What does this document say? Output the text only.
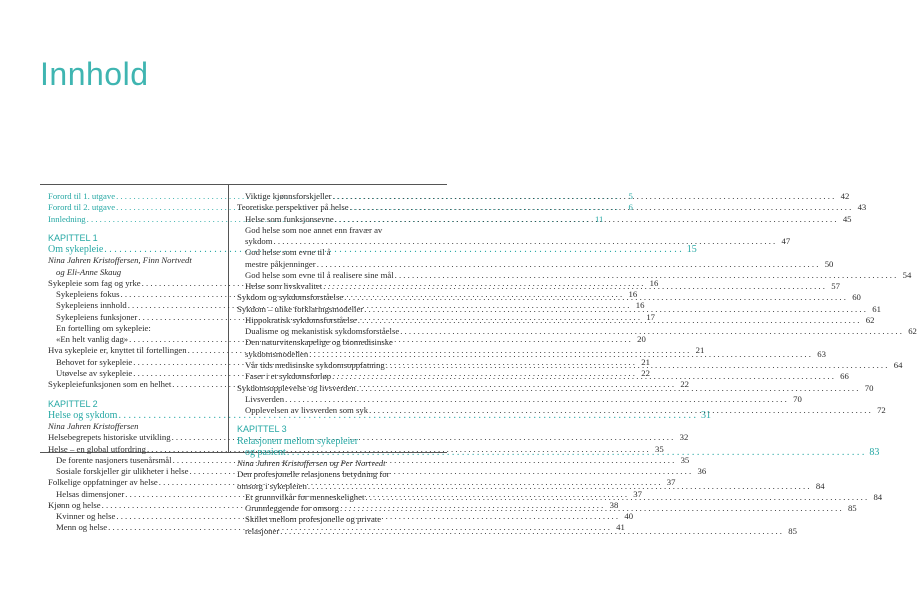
Innhold
Forord til 1. utgave . . .	5
Forord til 2. utgave . . .	6
Innledning . . .	11
KAPITTEL 1
Om sykepleie . . .	15
Nina Jahren Kristoffersen, Finn Nortvedt
og Eli-Anne Skaug
Sykepleie som fag og yrke . . .	16
Sykepleiens fokus . . .	16
Sykepleiens innhold . . .	16
Sykepleiens funksjoner . . .	17
En fortelling om sykepleie:
«En helt vanlig dag» . . .	20
Hva sykepleie er, knyttet til fortellingen . . .	21
Behovet for sykepleie . . .	21
Utøvelse av sykepleie . . .	22
Sykepleiefunksjonen som en helhet . . .	22
KAPITTEL 2
Helse og sykdom . . .	31
Nina Jahren Kristoffersen
Helsebegrepets historiske utvikling . . .	32
Helse – en global utfordring . . .	35
De forente nasjoners tusenårsmål . . .	35
Sosiale forskjeller gir ulikheter i helse . . .	36
Folkelige oppfatninger av helse . . .	37
Helsas dimensjoner . . .	37
Kjønn og helse . . .	38
Kvinner og helse . . .	40
Menn og helse . . .	41
Viktige kjønnsforskjeller . . .	42
Teoretiske perspektiver på helse . . .	43
Helse som funksjonsevne . . .	45
God helse som noe annet enn fravær av
sykdom . . .	47
God helse som evne til å
mestre påkjenninger . . .	50
God helse som evne til å realisere sine mål . . .	54
Helse som livskvalitet . . .	57
Sykdom og sykdomsforståelse . . .	60
Sykdom – ulike forklaringsmodeller . . .	61
Hippokratisk sykdomsforståelse . . .	62
Dualisme og mekanistisk sykdomsforståelse . . .	62
Den naturvitenskapelige og biomedisinske
sykdomsmodellen . . .	63
Vår tids medisinske sykdomsoppfatning . . .	64
Faser i et sykdomsforløp . . .	66
Sykdomsopplevelse og livsverden . . .	70
Livsverden . . .	70
Opplevelsen av livsverden som syk . . .	72
KAPITTEL 3
Relasjonen mellom sykepleier
og pasient . . .	83
Nina Jahren Kristoffersen og Per Nortvedt
Den profesjonelle relasjonens betydning for
omsorg i sykepleien . . .	84
Et grunnvilkår for menneskelighet . . .	84
Grunnleggende for omsorg . . .	85
Skillet mellom profesjonelle og private
relasjoner . . .	85
